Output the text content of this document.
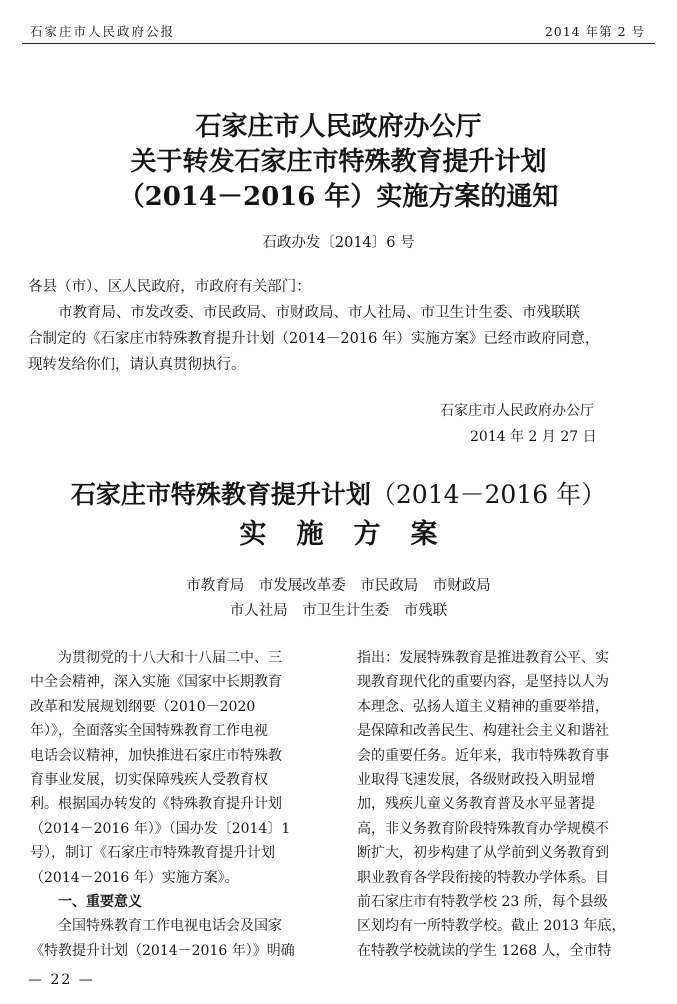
石家庄市人民政府公报	2014 年第 2 号
石家庄市人民政府办公厅
关于转发石家庄市特殊教育提升计划
（2014－2016 年）实施方案的通知
石政办发〔2014〕6 号
各县（市）、区人民政府，市政府有关部门：
市教育局、市发改委、市民政局、市财政局、市人社局、市卫生计生委、市残联联
合制定的《石家庄市特殊教育提升计划（2014－2016 年）实施方案》已经市政府同意，
现转发给你们，请认真贯彻执行。
石家庄市人民政府办公厅
2014 年 2 月 27 日
石家庄市特殊教育提升计划（2014－2016 年）
实施方案
市教育局　市发展改革委　市民政局　市财政局
市人社局　市卫生计生委　市残联
为贯彻党的十八大和十八届二中、三
中全会精神，深入实施《国家中长期教育
改革和发展规划纲要（2010－2020
年）》，全面落实全国特殊教育工作电视
电话会议精神，加快推进石家庄市特殊教
育事业发展，切实保障残疾人受教育权
利。根据国办转发的《特殊教育提升计划
（2014－2016 年）》（国办发〔2014〕1
号），制订《石家庄市特殊教育提升计划
（2014－2016 年）实施方案》。
一、重要意义
全国特殊教育工作电视电话会及国家
《特教提升计划（2014－2016 年）》明确
指出：发展特殊教育是推进教育公平、实
现教育现代化的重要内容，是坚持以人为
本理念、弘扬人道主义精神的重要举措，
是保障和改善民生、构建社会主义和谐社
会的重要任务。近年来，我市特殊教育事
业取得飞速发展，各级财政投入明显增
加，残疾儿童义务教育普及水平显著提
高，非义务教育阶段特殊教育办学规模不
断扩大，初步构建了从学前到义务教育到
职业教育各学段衔接的特教办学体系。目
前石家庄市有特教学校 23 所，每个县级
区划均有一所特教学校。截止 2013 年底，
在特教学校就读的学生 1268 人，全市特
— 22 —
